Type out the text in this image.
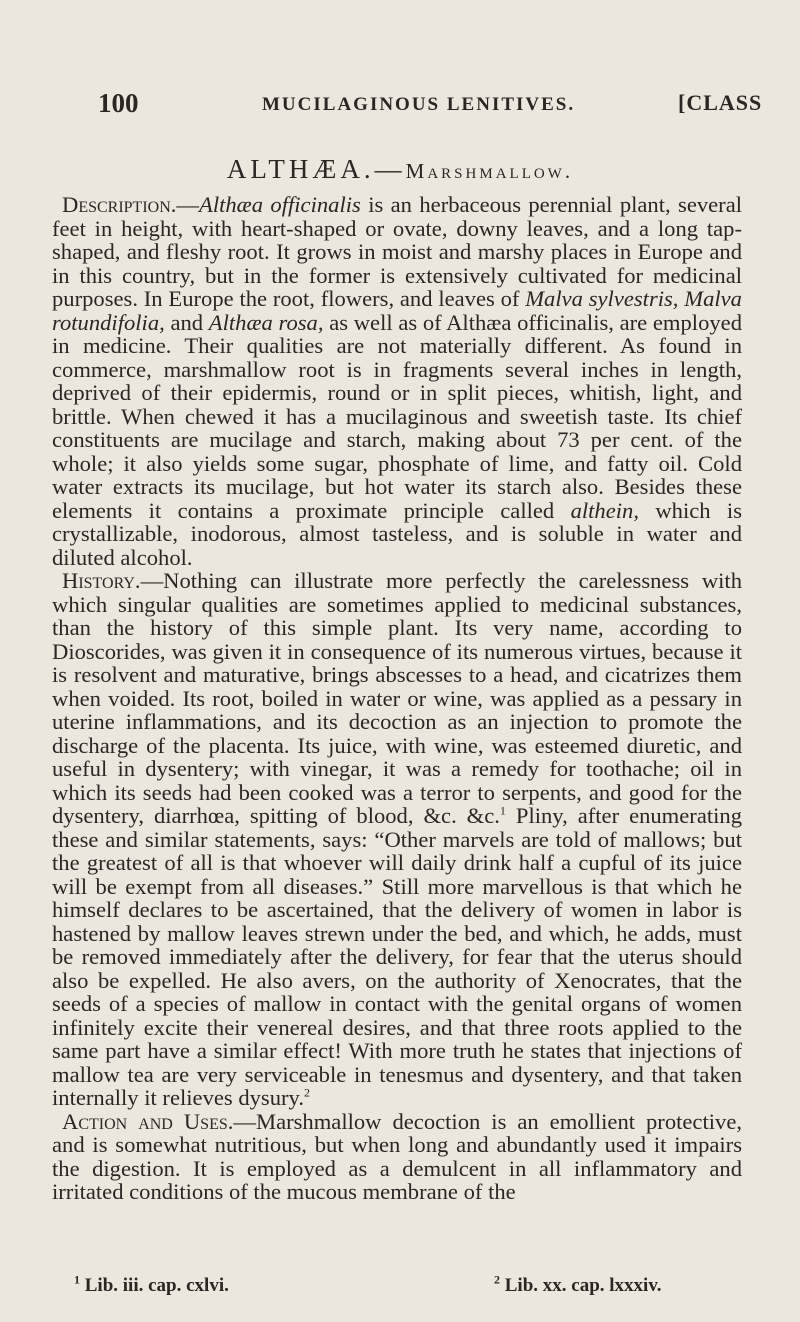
100	MUCILAGINOUS LENITIVES.	[CLASS
ALTHÆA.—Marshmallow.

Description.—Althæa officinalis is an herbaceous perennial plant, several feet in height, with heart-shaped or ovate, downy leaves, and a long tap-shaped, and fleshy root. It grows in moist and marshy places in Europe and in this country, but in the former is extensively cultivated for medicinal purposes. In Europe the root, flowers, and leaves of Malva sylvestris, Malva rotundifolia, and Althæa rosa, as well as of Althæa officinalis, are employed in medicine. Their qualities are not materially different. As found in commerce, marshmallow root is in fragments several inches in length, deprived of their epidermis, round or in split pieces, whitish, light, and brittle. When chewed it has a mucilaginous and sweetish taste. Its chief constituents are mucilage and starch, making about 73 per cent. of the whole; it also yields some sugar, phosphate of lime, and fatty oil. Cold water extracts its mucilage, but hot water its starch also. Besides these elements it contains a proximate principle called althein, which is crystallizable, inodorous, almost tasteless, and is soluble in water and diluted alcohol.

History.—Nothing can illustrate more perfectly the carelessness with which singular qualities are sometimes applied to medicinal substances, than the history of this simple plant. Its very name, according to Dioscorides, was given it in consequence of its numerous virtues, because it is resolvent and maturative, brings abscesses to a head, and cicatrizes them when voided. Its root, boiled in water or wine, was applied as a pessary in uterine inflammations, and its decoction as an injection to promote the discharge of the placenta. Its juice, with wine, was esteemed diuretic, and useful in dysentery; with vinegar, it was a remedy for toothache; oil in which its seeds had been cooked was a terror to serpents, and good for the dysentery, diarrhœa, spitting of blood, &c. &c.$^1$ Pliny, after enumerating these and similar statements, says: “Other marvels are told of mallows; but the greatest of all is that whoever will daily drink half a cupful of its juice will be exempt from all diseases.” Still more marvellous is that which he himself declares to be ascertained, that the delivery of women in labor is hastened by mallow leaves strewn under the bed, and which, he adds, must be removed immediately after the delivery, for fear that the uterus should also be expelled. He also avers, on the authority of Xenocrates, that the seeds of a species of mallow in contact with the genital organs of women infinitely excite their venereal desires, and that three roots applied to the same part have a similar effect! With more truth he states that injections of mallow tea are very serviceable in tenesmus and dysentery, and that taken internally it relieves dysury.$^2$

Action and Uses.—Marshmallow decoction is an emollient protective, and is somewhat nutritious, but when long and abundantly used it impairs the digestion. It is employed as a demulcent in all inflammatory and irritated conditions of the mucous membrane of the

$^1$ Lib. iii. cap. cxlvi.	$^2$ Lib. xx. cap. lxxxiv.
